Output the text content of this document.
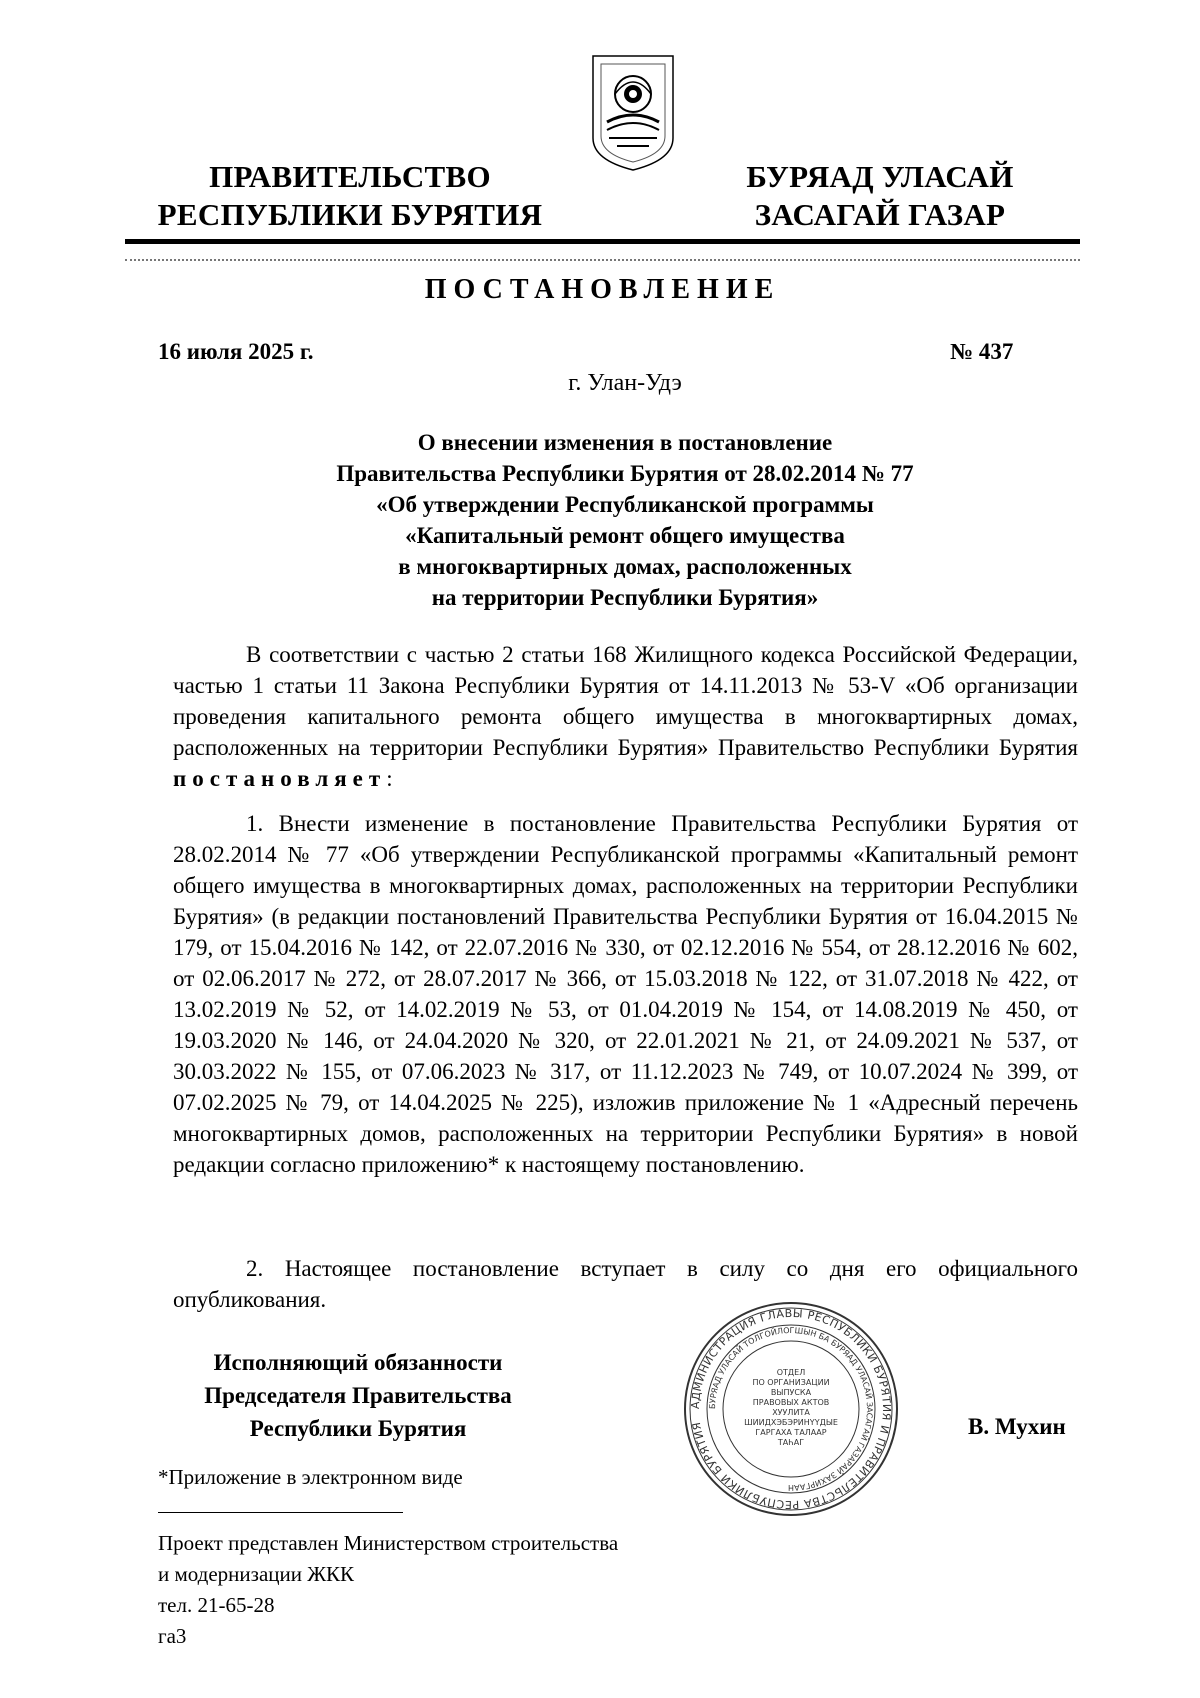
ПРАВИТЕЛЬСТВО
РЕСПУБЛИКИ БУРЯТИЯ
БУРЯАД УЛАСАЙ
ЗАСАГАЙ ГАЗАР
ПОСТАНОВЛЕНИЕ
16 июля 2025 г.	№ 437
г. Улан-Удэ
О внесении изменения в постановление
Правительства Республики Бурятия от 28.02.2014 № 77
«Об утверждении Республиканской программы
«Капитальный ремонт общего имущества
в многоквартирных домах, расположенных
на территории Республики Бурятия»
В соответствии с частью 2 статьи 168 Жилищного кодекса Российской Федерации, частью 1 статьи 11 Закона Республики Бурятия от 14.11.2013 № 53-V «Об организации проведения капитального ремонта общего имущества в многоквартирных домах, расположенных на территории Республики Бурятия» Правительство Республики Бурятия постановляет:
1. Внести изменение в постановление Правительства Республики Бурятия от 28.02.2014 № 77 «Об утверждении Республиканской программы «Капитальный ремонт общего имущества в многоквартирных домах, расположенных на территории Республики Бурятия» (в редакции постановлений Правительства Республики Бурятия от 16.04.2015 № 179, от 15.04.2016 № 142, от 22.07.2016 № 330, от 02.12.2016 № 554, от 28.12.2016 № 602, от 02.06.2017 № 272, от 28.07.2017 № 366, от 15.03.2018 № 122, от 31.07.2018 № 422, от 13.02.2019 № 52, от 14.02.2019 № 53, от 01.04.2019 № 154, от 14.08.2019 № 450, от 19.03.2020 № 146, от 24.04.2020 № 320, от 22.01.2021 № 21, от 24.09.2021 № 537, от 30.03.2022 № 155, от 07.06.2023 № 317, от 11.12.2023 № 749, от 10.07.2024 № 399, от 07.02.2025 № 79, от 14.04.2025 № 225), изложив приложение № 1 «Адресный перечень многоквартирных домов, расположенных на территории Республики Бурятия» в новой редакции согласно приложению* к настоящему постановлению.
2. Настоящее постановление вступает в силу со дня его официального опубликования.
Исполняющий обязанности
Председателя Правительства
Республики Бурятия
АДМИНИСТРАЦИЯ ГЛАВЫ РЕСПУБЛИКИ БУРЯТИЯ И ПРАВИТЕЛЬСТВА РЕСПУБЛИКИ БУРЯТИЯ
БУРЯАД УЛАСАЙ ТОЛГОЙЛОГШЫН БА БУРЯАД УЛАСАЙ ЗАСАГАЙ ГАЗАРАЙ ЗАХИРГААН
ОТДЕЛ
ПО ОРГАНИЗАЦИИ
ВЫПУСКА
ПРАВОВЫХ АКТОВ
ХУУЛИТА
ШИИДХЭБЭРИНҮҮДЫЕ
ГАРГАХА ТАЛААР
ТАҺАГ
В. Мухин
*Приложение в электронном виде
Проект представлен Министерством строительства
и модернизации ЖКК
тел. 21-65-28
га3
